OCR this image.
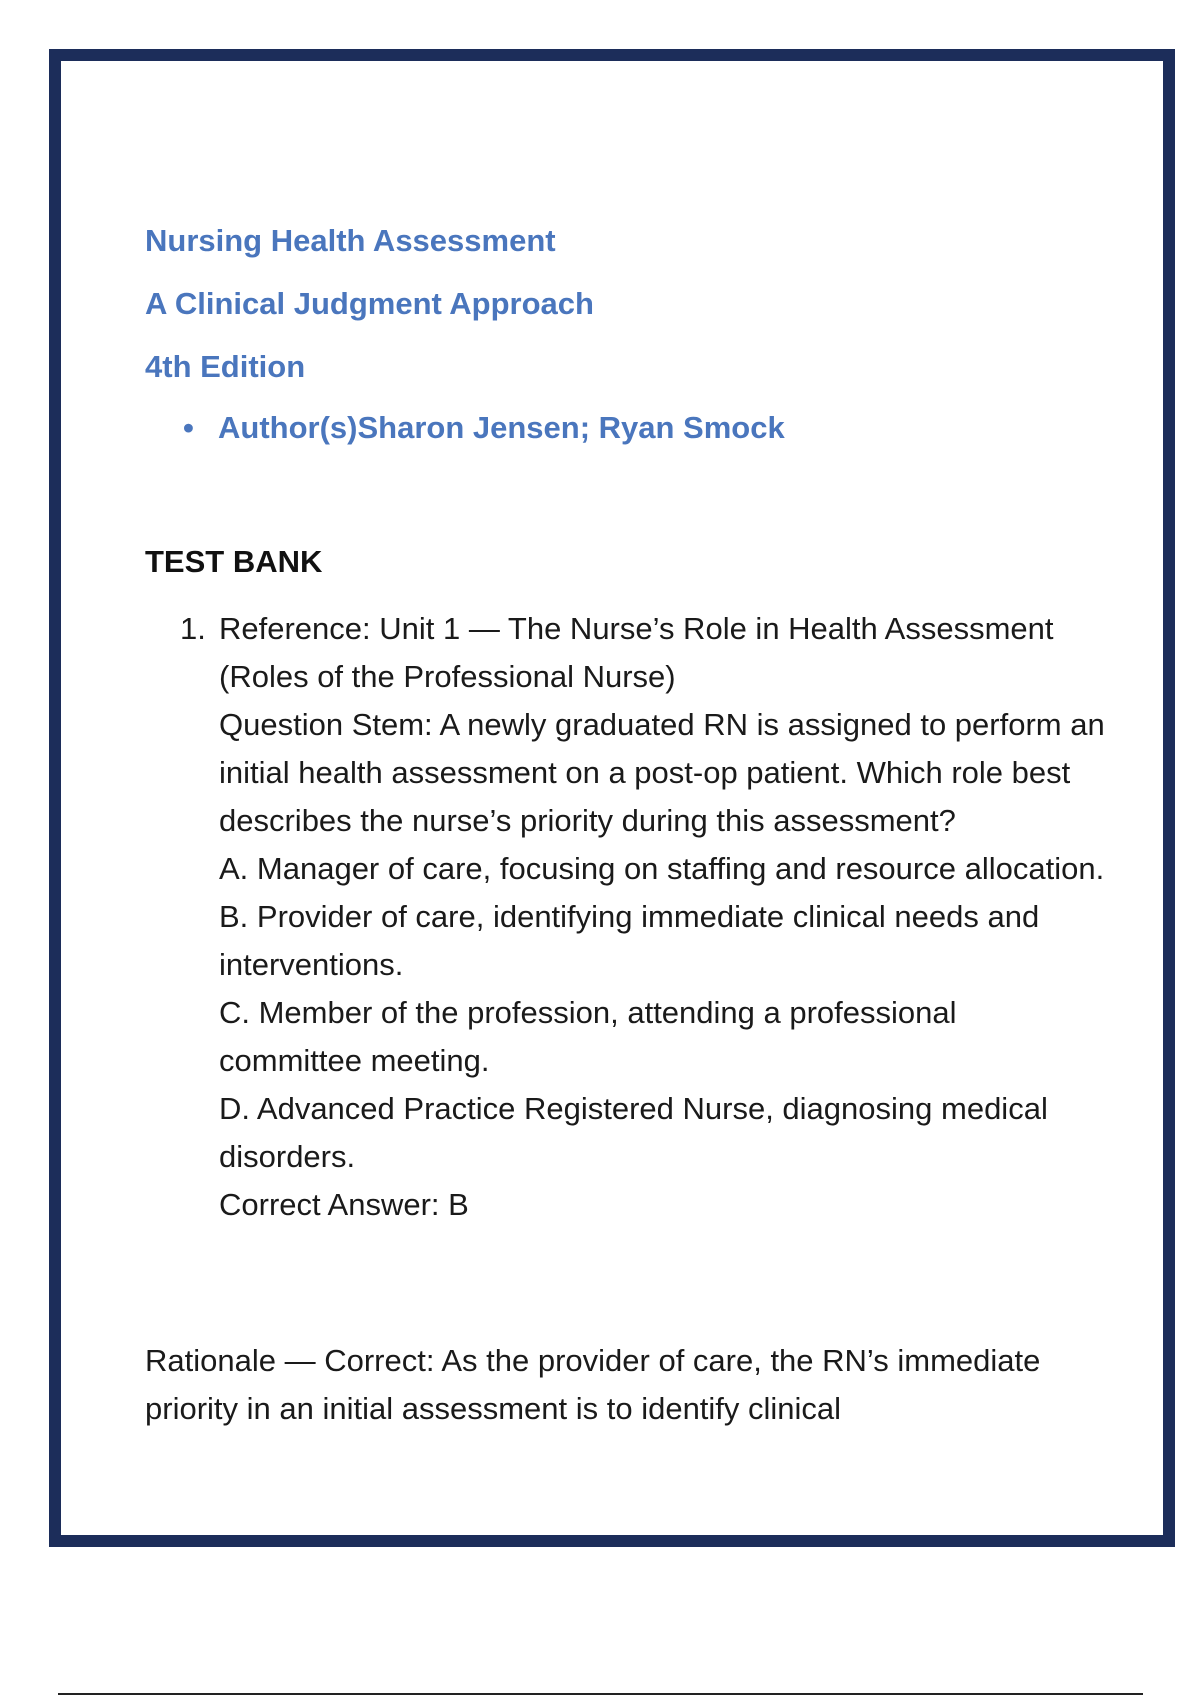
Nursing Health Assessment

A Clinical Judgment Approach

4th Edition

• Author(s)Sharon Jensen; Ryan Smock
TEST BANK
1. Reference: Unit 1 — The Nurse’s Role in Health Assessment (Roles of the Professional Nurse)

Question Stem: A newly graduated RN is assigned to perform an initial health assessment on a post-op patient. Which role best describes the nurse’s priority during this assessment?

A. Manager of care, focusing on staffing and resource allocation.

B. Provider of care, identifying immediate clinical needs and interventions.

C. Member of the profession, attending a professional committee meeting.

D. Advanced Practice Registered Nurse, diagnosing medical disorders.

Correct Answer: B

Rationale — Correct: As the provider of care, the RN’s immediate priority in an initial assessment is to identify clinical
